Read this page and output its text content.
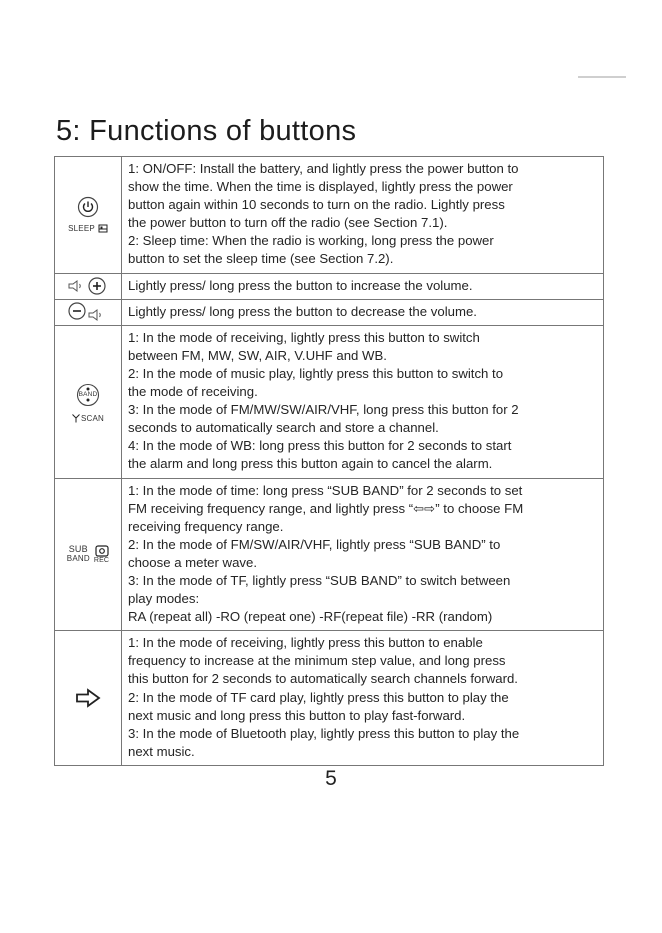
5: Functions of buttons
SLEEP

1: ON/OFF: Install the battery, and lightly press the power button to

show the time. When the time is displayed, lightly press the power

button again within 10 seconds to turn on the radio. Lightly press

the power button to turn off the radio (see Section 7.1).

2: Sleep time: When the radio is working, long press the power

button to set the sleep time (see Section 7.2).

Lightly press/ long press the button to increase the volume.

Lightly press/ long press the button to decrease the volume.

BAND
SCAN

1: In the mode of receiving, lightly press this button to switch

between FM, MW, SW, AIR, V.UHF and WB.

2: In the mode of music play, lightly press this button to switch to

the mode of receiving.

3: In the mode of FM/MW/SW/AIR/VHF, long press this button for 2

seconds to automatically search and store a channel.

4: In the mode of WB: long press this button for 2 seconds to start

the alarm and long press this button again to cancel the alarm.

SUB
BAND REC

1: In the mode of time: long press “SUB BAND” for 2 seconds to set

FM receiving frequency range, and lightly press “⇦⇨” to choose FM

receiving frequency range.

2: In the mode of FM/SW/AIR/VHF, lightly press “SUB BAND” to

choose a meter wave.

3: In the mode of TF, lightly press “SUB BAND” to switch between

play modes:

RA (repeat all) -RO (repeat one) -RF(repeat file) -RR (random)

1: In the mode of receiving, lightly press this button to enable

frequency to increase at the minimum step value, and long press

this button for 2 seconds to automatically search channels forward.

2: In the mode of TF card play, lightly press this button to play the

next music and long press this button to play fast-forward.

3: In the mode of Bluetooth play, lightly press this button to play the

next music.

5
